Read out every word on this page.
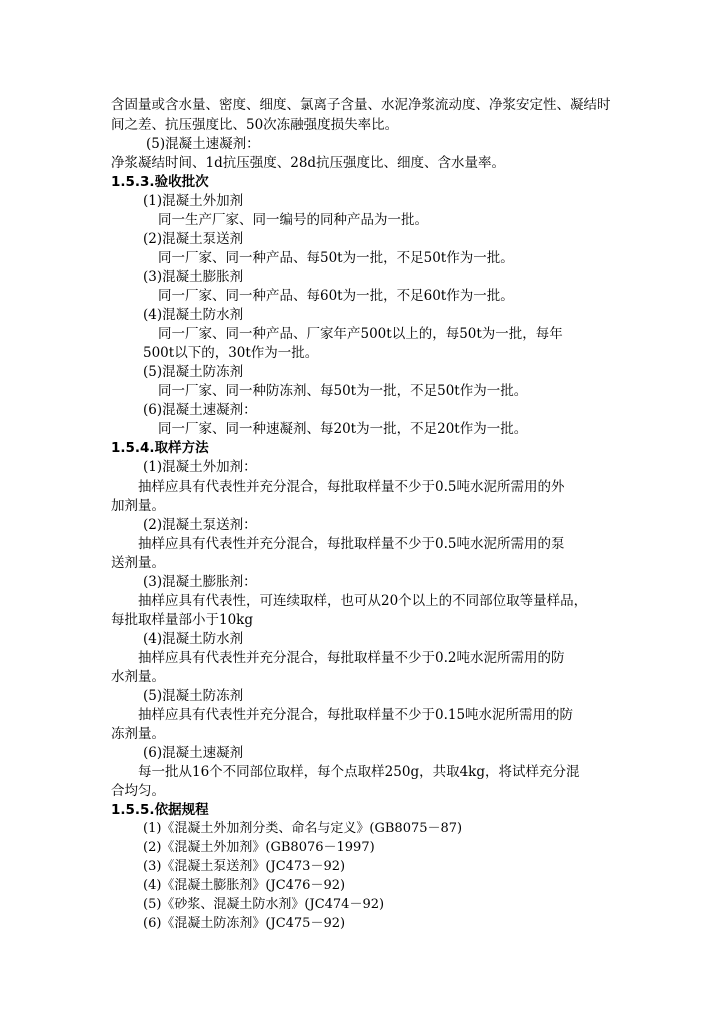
含固量或含水量、密度、细度、氯离子含量、水泥净浆流动度、净浆安定性、凝结时
间之差、抗压强度比、50次冻融强度损失率比。
(5)混凝土速凝剂：
净浆凝结时间、1d抗压强度、28d抗压强度比、细度、含水量率。
1.5.3.验收批次
(1)混凝土外加剂
同一生产厂家、同一编号的同种产品为一批。
(2)混凝土泵送剂
同一厂家、同一种产品、每50t为一批，不足50t作为一批。
(3)混凝土膨胀剂
同一厂家、同一种产品、每60t为一批，不足60t作为一批。
(4)混凝土防水剂
同一厂家、同一种产品、厂家年产500t以上的，每50t为一批，每年
500t以下的，30t作为一批。
(5)混凝土防冻剂
同一厂家、同一种防冻剂、每50t为一批，不足50t作为一批。
(6)混凝土速凝剂：
同一厂家、同一种速凝剂、每20t为一批，不足20t作为一批。
1.5.4.取样方法
(1)混凝土外加剂：
抽样应具有代表性并充分混合，每批取样量不少于0.5吨水泥所需用的外
加剂量。
(2)混凝土泵送剂：
抽样应具有代表性并充分混合，每批取样量不少于0.5吨水泥所需用的泵
送剂量。
(3)混凝土膨胀剂：
抽样应具有代表性，可连续取样，也可从20个以上的不同部位取等量样品，
每批取样量部小于10kg
(4)混凝土防水剂
抽样应具有代表性并充分混合，每批取样量不少于0.2吨水泥所需用的防
水剂量。
(5)混凝土防冻剂
抽样应具有代表性并充分混合，每批取样量不少于0.15吨水泥所需用的防
冻剂量。
(6)混凝土速凝剂
每一批从16个不同部位取样，每个点取样250g，共取4kg，将试样充分混
合均匀。
1.5.5.依据规程
(1)《混凝土外加剂分类、命名与定义》(GB8075－87)
(2)《混凝土外加剂》(GB8076－1997)
(3)《混凝土泵送剂》(JC473－92)
(4)《混凝土膨胀剂》(JC476－92)
(5)《砂浆、混凝土防水剂》(JC474－92)
(6)《混凝土防冻剂》(JC475－92)
